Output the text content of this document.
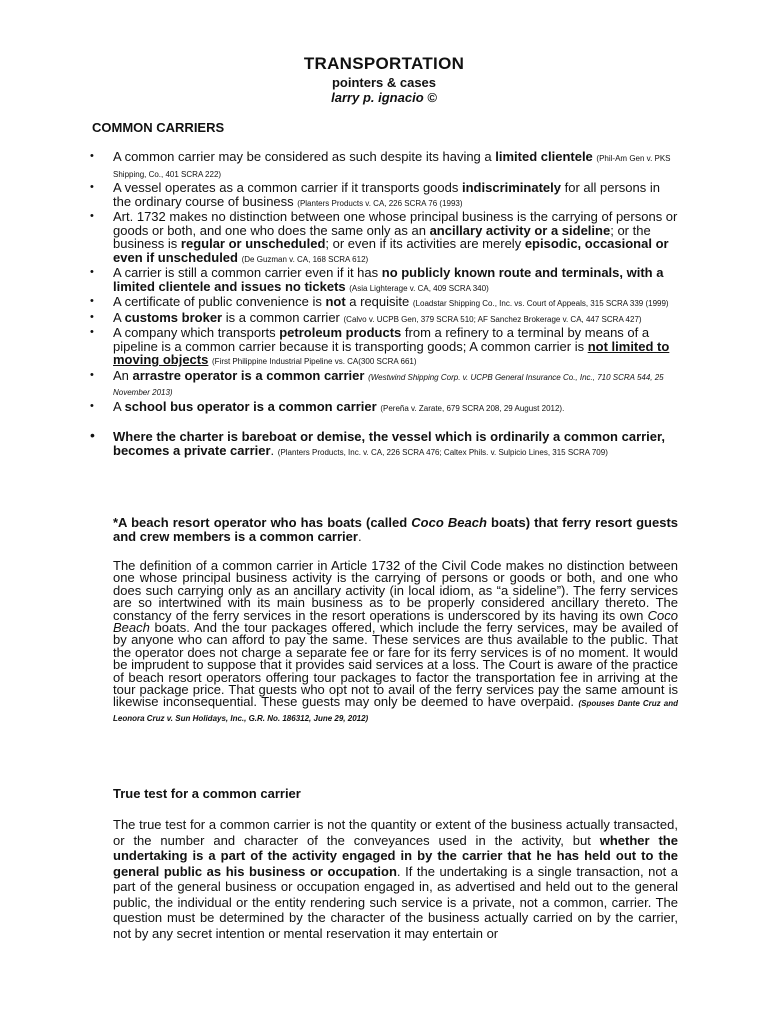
TRANSPORTATION
pointers & cases
larry p. ignacio ©
COMMON CARRIERS
• A common carrier may be considered as such despite its having a limited clientele (Phil-Am Gen v. PKS Shipping, Co., 401 SCRA 222)
• A vessel operates as a common carrier if it transports goods indiscriminately for all persons in the ordinary course of business (Planters Products v. CA, 226 SCRA 76 (1993)
• Art. 1732 makes no distinction between one whose principal business is the carrying of persons or goods or both, and one who does the same only as an ancillary activity or a sideline; or the business is regular or unscheduled; or even if its activities are merely episodic, occasional or even if unscheduled (De Guzman v. CA, 168 SCRA 612)
• A carrier is still a common carrier even if it has no publicly known route and terminals, with a limited clientele and issues no tickets (Asia Lighterage v. CA, 409 SCRA 340)
• A certificate of public convenience is not a requisite (Loadstar Shipping Co., Inc. vs. Court of Appeals, 315 SCRA 339 (1999)
• A customs broker is a common carrier (Calvo v. UCPB Gen, 379 SCRA 510; AF Sanchez Brokerage v. CA, 447 SCRA 427)
• A company which transports petroleum products from a refinery to a terminal by means of a pipeline is a common carrier because it is transporting goods; A common carrier is not limited to moving objects (First Philippine Industrial Pipeline vs. CA(300 SCRA 661)
• An arrastre operator is a common carrier (Westwind Shipping Corp. v. UCPB General Insurance Co., Inc., 710 SCRA 544, 25 November 2013)
• A school bus operator is a common carrier (Pereña v. Zarate, 679 SCRA 208, 29 August 2012).
• Where the charter is bareboat or demise, the vessel which is ordinarily a common carrier, becomes a private carrier. (Planters Products, Inc. v. CA, 226 SCRA 476; Caltex Phils. v. Sulpicio Lines, 315 SCRA 709)
*A beach resort operator who has boats (called Coco Beach boats) that ferry resort guests and crew members is a common carrier.
The definition of a common carrier in Article 1732 of the Civil Code makes no distinction between one whose principal business activity is the carrying of persons or goods or both, and one who does such carrying only as an ancillary activity (in local idiom, as “a sideline”). The ferry services are so intertwined with its main business as to be properly considered ancillary thereto. The constancy of the ferry services in the resort operations is underscored by its having its own Coco Beach boats. And the tour packages offered, which include the ferry services, may be availed of by anyone who can afford to pay the same. These services are thus available to the public. That the operator does not charge a separate fee or fare for its ferry services is of no moment. It would be imprudent to suppose that it provides said services at a loss. The Court is aware of the practice of beach resort operators offering tour packages to factor the transportation fee in arriving at the tour package price. That guests who opt not to avail of the ferry services pay the same amount is likewise inconsequential. These guests may only be deemed to have overpaid. (Spouses Dante Cruz and Leonora Cruz v. Sun Holidays, Inc., G.R. No. 186312, June 29, 2012)
True test for a common carrier
The true test for a common carrier is not the quantity or extent of the business actually transacted, or the number and character of the conveyances used in the activity, but whether the undertaking is a part of the activity engaged in by the carrier that he has held out to the general public as his business or occupation. If the undertaking is a single transaction, not a part of the general business or occupation engaged in, as advertised and held out to the general public, the individual or the entity rendering such service is a private, not a common, carrier. The question must be determined by the character of the business actually carried on by the carrier, not by any secret intention or mental reservation it may entertain or
